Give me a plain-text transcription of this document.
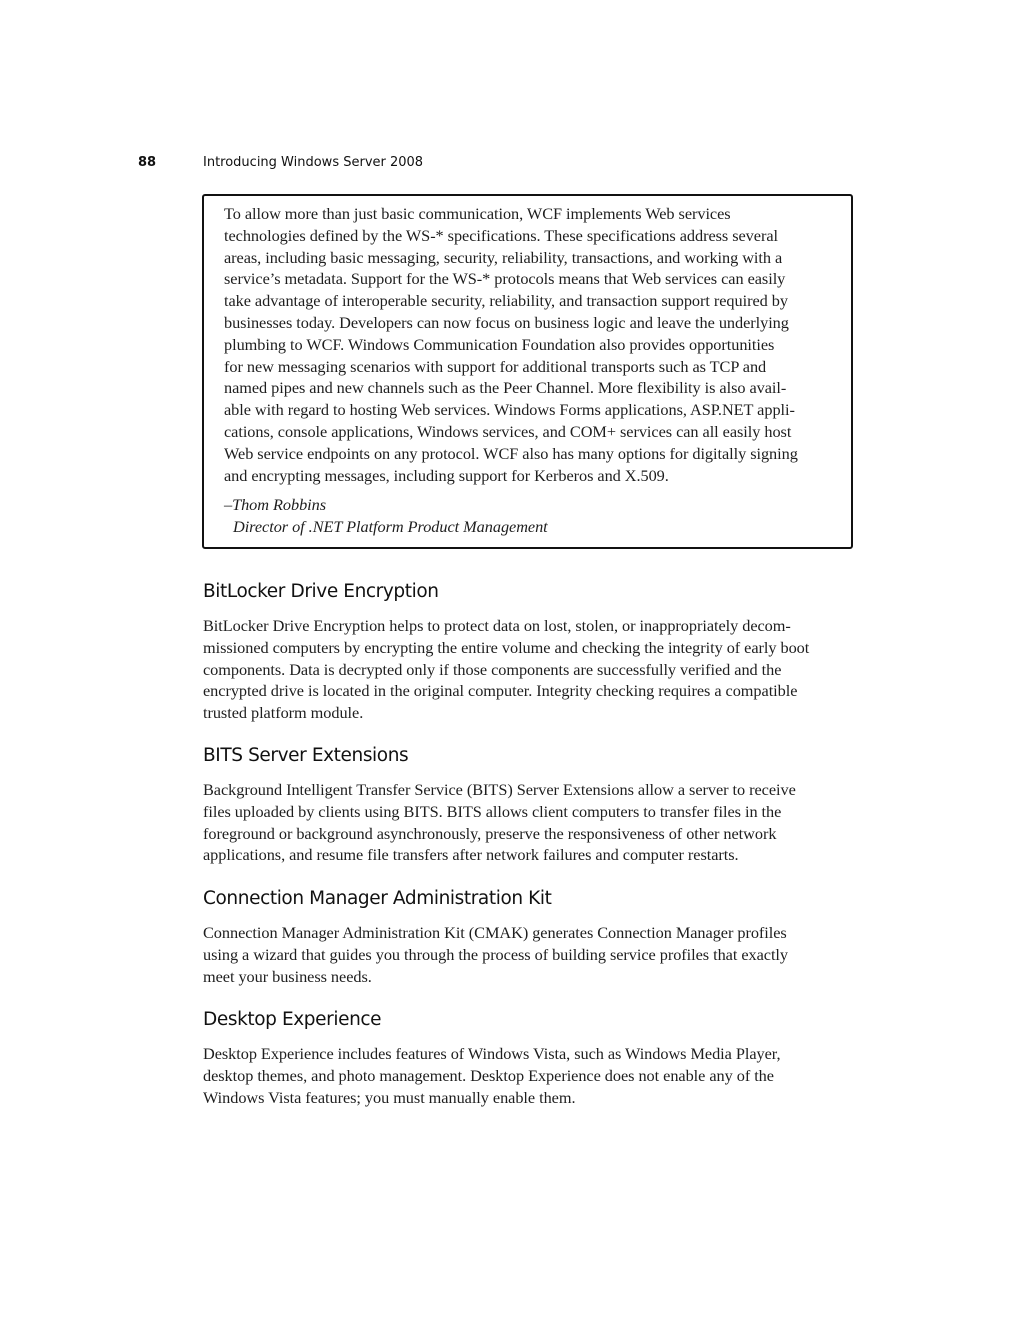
88	Introducing Windows Server 2008
To allow more than just basic communication, WCF implements Web services
technologies defined by the WS-* specifications. These specifications address several
areas, including basic messaging, security, reliability, transactions, and working with a
service’s metadata. Support for the WS-* protocols means that Web services can easily
take advantage of interoperable security, reliability, and transaction support required by
businesses today. Developers can now focus on business logic and leave the underlying
plumbing to WCF. Windows Communication Foundation also provides opportunities
for new messaging scenarios with support for additional transports such as TCP and
named pipes and new channels such as the Peer Channel. More flexibility is also avail-
able with regard to hosting Web services. Windows Forms applications, ASP.NET appli-
cations, console applications, Windows services, and COM+ services can all easily host
Web service endpoints on any protocol. WCF also has many options for digitally signing
and encrypting messages, including support for Kerberos and X.509.
–Thom Robbins
Director of .NET Platform Product Management
BitLocker Drive Encryption
BitLocker Drive Encryption helps to protect data on lost, stolen, or inappropriately decom-
missioned computers by encrypting the entire volume and checking the integrity of early boot
components. Data is decrypted only if those components are successfully verified and the
encrypted drive is located in the original computer. Integrity checking requires a compatible
trusted platform module.
BITS Server Extensions
Background Intelligent Transfer Service (BITS) Server Extensions allow a server to receive
files uploaded by clients using BITS. BITS allows client computers to transfer files in the
foreground or background asynchronously, preserve the responsiveness of other network
applications, and resume file transfers after network failures and computer restarts.
Connection Manager Administration Kit
Connection Manager Administration Kit (CMAK) generates Connection Manager profiles
using a wizard that guides you through the process of building service profiles that exactly
meet your business needs.
Desktop Experience
Desktop Experience includes features of Windows Vista, such as Windows Media Player,
desktop themes, and photo management. Desktop Experience does not enable any of the
Windows Vista features; you must manually enable them.
